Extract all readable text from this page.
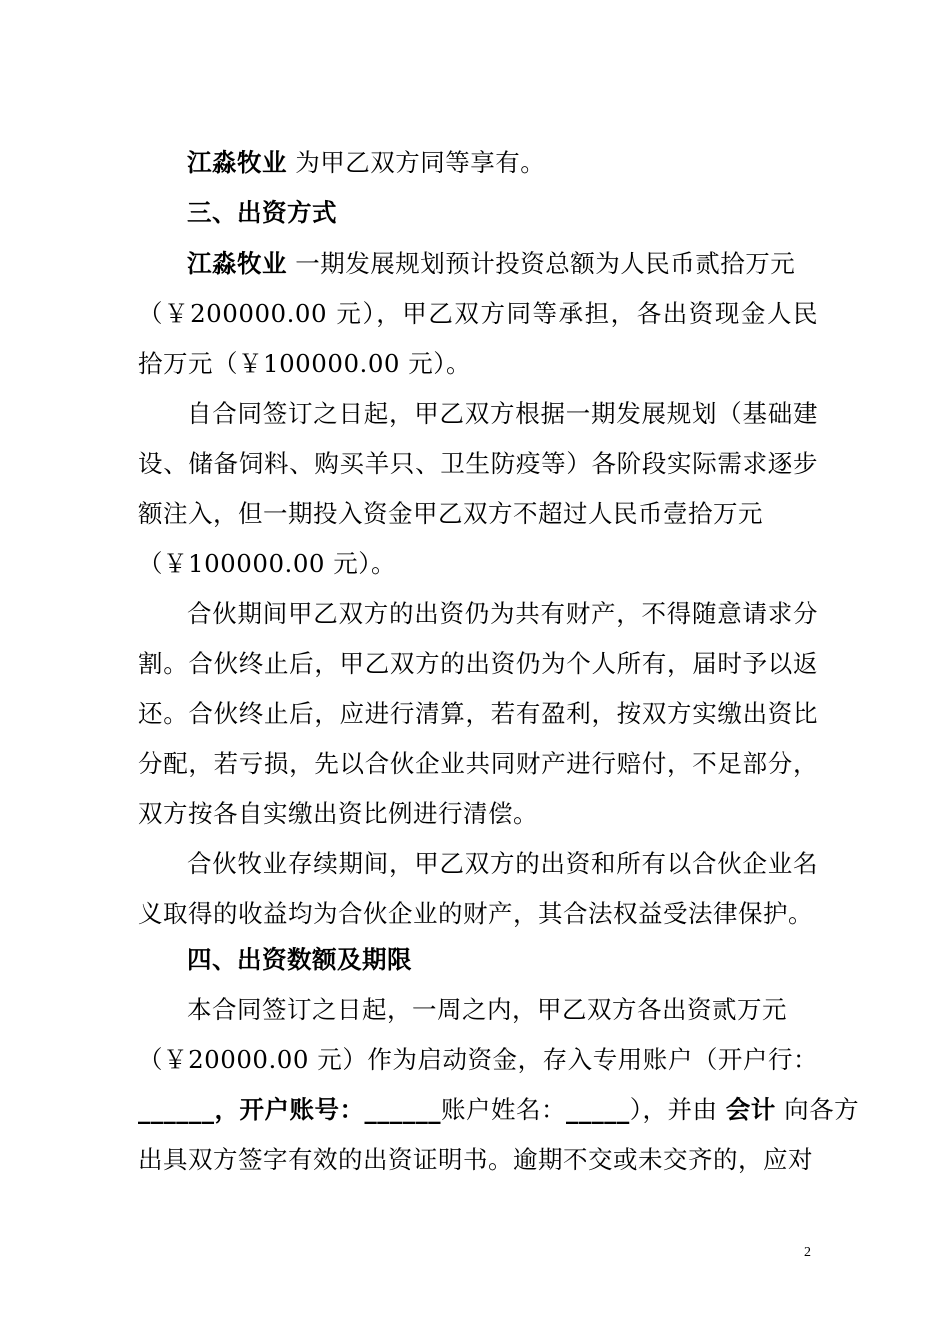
江淼牧业 为甲乙双方同等享有。
三、出资方式
江淼牧业 一期发展规划预计投资总额为人民币贰拾万元
（￥200000.00 元），甲乙双方同等承担，各出资现金人民
拾万元（￥100000.00 元）。
自合同签订之日起，甲乙双方根据一期发展规划（基础建
设、储备饲料、购买羊只、卫生防疫等）各阶段实际需求逐步
额注入，但一期投入资金甲乙双方不超过人民币壹拾万元
（￥100000.00 元）。
合伙期间甲乙双方的出资仍为共有财产，不得随意请求分
割。合伙终止后，甲乙双方的出资仍为个人所有，届时予以返
还。合伙终止后，应进行清算，若有盈利，按双方实缴出资比
分配，若亏损，先以合伙企业共同财产进行赔付，不足部分，
双方按各自实缴出资比例进行清偿。
合伙牧业存续期间，甲乙双方的出资和所有以合伙企业名
义取得的收益均为合伙企业的财产，其合法权益受法律保护。
四、出资数额及期限
本合同签订之日起，一周之内，甲乙双方各出资贰万元
（￥20000.00 元）作为启动资金，存入专用账户（开户行：
______，开户账号：______账户姓名：_____），并由 会计 向各方
出具双方签字有效的出资证明书。逾期不交或未交齐的，应对
2
